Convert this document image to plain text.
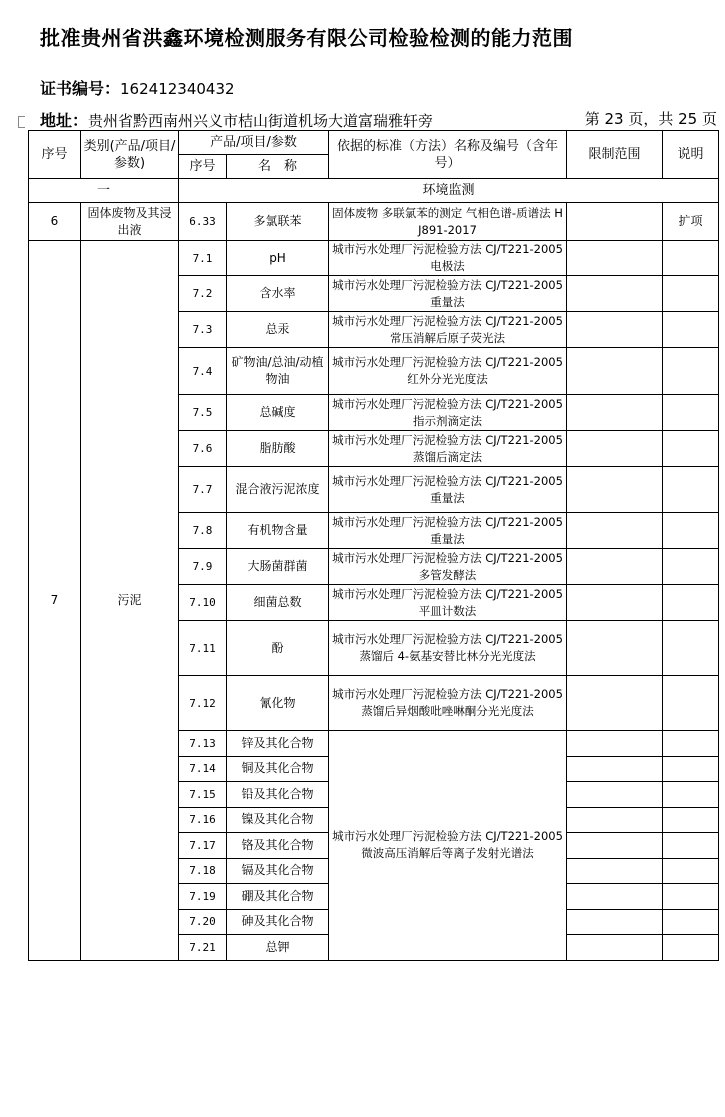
批准贵州省洪鑫环境检测服务有限公司检验检测的能力范围
证书编号：162412340432
地址：贵州省黔西南州兴义市桔山街道机场大道富瑞雅轩旁	第 23 页，共 25 页
序号	类别(产品/项目/参数)	产品/项目/参数		依据的标准（方法）名称及编号（含年号）	限制范围	说明
		序号	名　称			
一		环境监测				
6	固体废物及其浸出液	6.33	多氯联苯	固体废物 多联氯苯的测定 气相色谱-质谱法 HJ891-2017		扩项
7	污泥	7.1	pH	城市污水处理厂污泥检验方法 CJ/T221-2005 电极法		
		7.2	含水率	城市污水处理厂污泥检验方法 CJ/T221-2005　重量法		
		7.3	总汞	城市污水处理厂污泥检验方法 CJ/T221-2005 常压消解后原子荧光法		
		7.4	矿物油/总油/动植物油	城市污水处理厂污泥检验方法 CJ/T221-2005 红外分光光度法		
		7.5	总碱度	城市污水处理厂污泥检验方法 CJ/T221-2005 指示剂滴定法		
		7.6	脂肪酸	城市污水处理厂污泥检验方法 CJ/T221-2005 蒸馏后滴定法		
		7.7	混合液污泥浓度	城市污水处理厂污泥检验方法 CJ/T221-2005 重量法		
		7.8	有机物含量	城市污水处理厂污泥检验方法 CJ/T221-2005 重量法		
		7.9	大肠菌群菌	城市污水处理厂污泥检验方法 CJ/T221-2005 多管发酵法		
		7.10	细菌总数	城市污水处理厂污泥检验方法 CJ/T221-2005 平皿计数法		
		7.11	酚	城市污水处理厂污泥检验方法 CJ/T221-2005 蒸馏后 4-氨基安替比林分光光度法		
		7.12	氰化物	城市污水处理厂污泥检验方法 CJ/T221-2005 蒸馏后异烟酸吡唑啉酮分光光度法		
		7.13	锌及其化合物	城市污水处理厂污泥检验方法 CJ/T221-2005 微波高压消解后等离子发射光谱法		
		7.14	铜及其化合物			
		7.15	铅及其化合物			
		7.16	镍及其化合物			
		7.17	铬及其化合物			
		7.18	镉及其化合物			
		7.19	硼及其化合物			
		7.20	砷及其化合物			
		7.21	总钾			
